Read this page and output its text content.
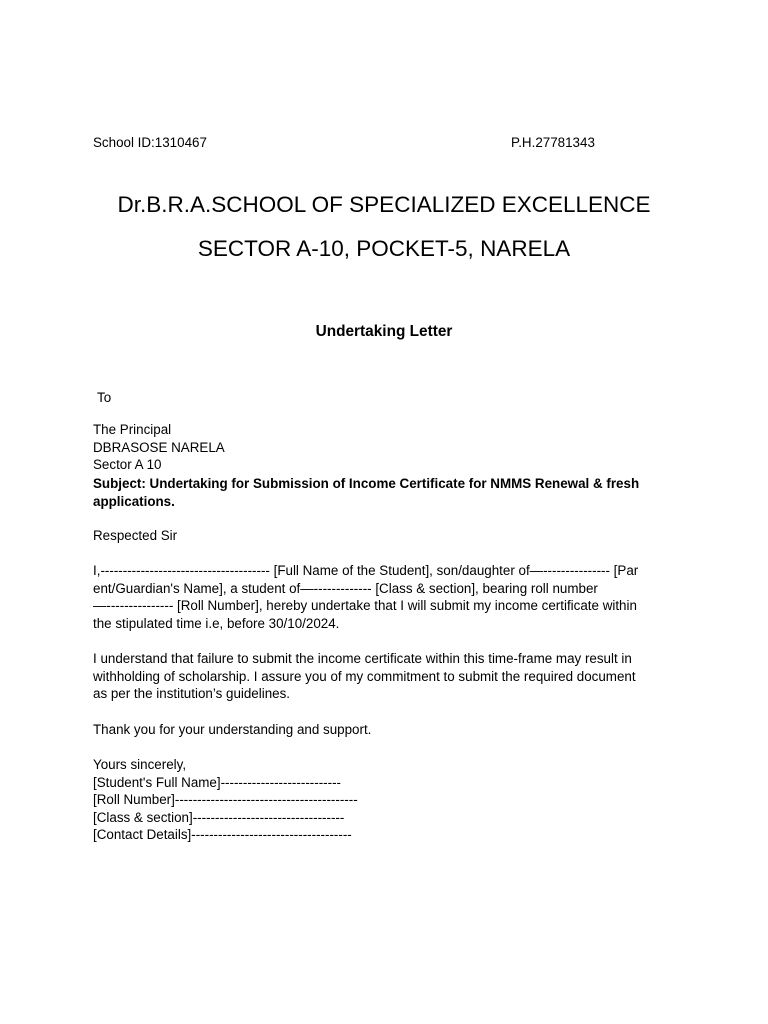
School ID:1310467	P.H.27781343
Dr.B.R.A.SCHOOL OF SPECIALIZED EXCELLENCE
SECTOR A-10, POCKET-5, NARELA
Undertaking Letter
To
The Principal
DBRASOSE NARELA
Sector A 10
Subject: Undertaking for Submission of Income Certificate for NMMS Renewal & fresh
applications.
Respected Sir
I,-------------------------------------- [Full Name of the Student], son/daughter of—--------------- [Par
ent/Guardian's Name], a student of—------------- [Class & section], bearing roll number
—--------------- [Roll Number], hereby undertake that I will submit my income certificate within
the stipulated time i.e, before 30/10/2024.
I understand that failure to submit the income certificate within this time-frame may result in
withholding of scholarship. I assure you of my commitment to submit the required document
as per the institution’s guidelines.
Thank you for your understanding and support.
Yours sincerely,
[Student's Full Name]---------------------------
[Roll Number]-----------------------------------------
[Class & section]----------------------------------
[Contact Details]------------------------------------
